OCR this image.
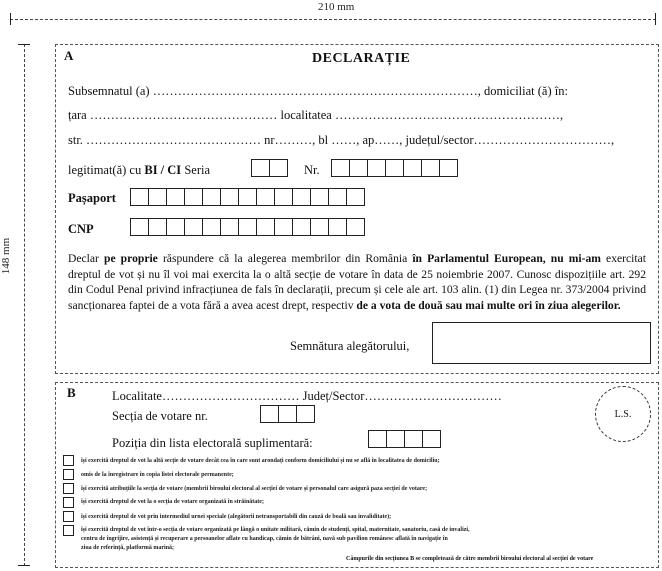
210 mm
148 mm
A	DECLARAȚIE
Subsemnatul (a) ……………………………………………………………………, domiciliat (ă) în:
țara ……………………………………… localitatea ………………………………………………,
str. …………………………………… nr………, bl ……, ap……, județul/sector……………………………,
legitimat(ă) cu BI / CI Seria	Nr.
Pașaport
CNP
Declar pe proprie răspundere că la alegerea membrilor din România în Parlamentul European, nu mi-am exercitat dreptul de vot și nu îl voi mai exercita la o altă secție de votare în data de 25 noiembrie 2007. Cunosc dispozițiile art. 292 din Codul Penal privind infracțiunea de fals în declarații, precum și cele ale art. 103 alin. (1) din Legea nr. 373/2004 privind sancționarea faptei de a vota fără a avea acest drept, respectiv de a vota de două sau mai multe ori în ziua alegerilor.
Semnătura alegătorului,
B	Localitate…………………………… Județ/Sector……………………………
Secția de votare nr.
Poziția din lista electorală suplimentară:
L.S.
își exercită dreptul de vot la altă secție de votare decât cea în care sunt arondați conform domiciliului și nu se află în localitatea de domiciliu;
omis de la înregistrare în copia listei electorale permanente;
își exercită atribuțiile la secția de votare (membrii biroului electoral al secției de votare și personalul care asigură paza secției de votare;
își exercită dreptul de vot la o secția de votare organizată în străinătate;
își exercită dreptul de vot prin intermediul urnei speciale (alegătorii netransportabili din cauză de boală sau invaliditate);
își exercită dreptul de vot într-o secția de votare organizată pe lângă o unitate militară, cămin de studenți, spital, maternitate, sanatoriu, casă de invalizi,
centru de îngrijire, asistență și recuperare a persoanelor aflate cu handicap, cămin de bătrâni, navă sub pavilion românesc aflată în navigație în
ziua de referință, platformă marină;
Câmpurile din secțiunea B se completează de către membrii biroului electoral al secției de votare
